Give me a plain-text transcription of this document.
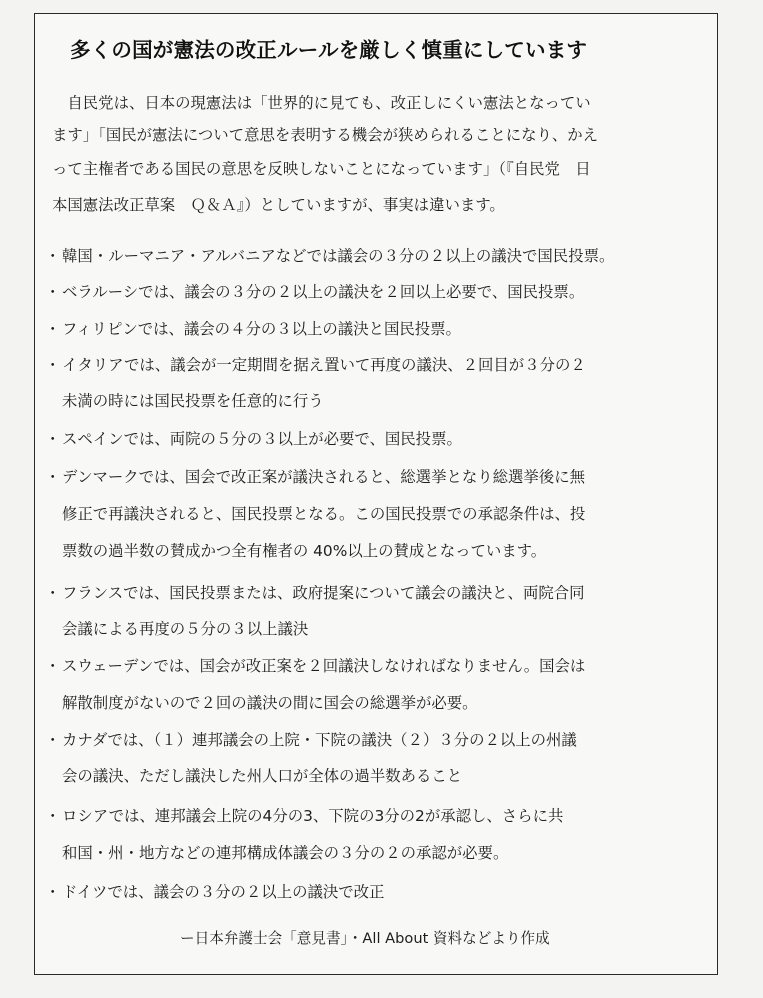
多くの国が憲法の改正ルールを厳しく慎重にしています
　自民党は、日本の現憲法は「世界的に見ても、改正しにくい憲法となってい
ます」「国民が憲法について意思を表明する機会が狭められることになり、かえ
って主権者である国民の意思を反映しないことになっています」（『自民党　日
本国憲法改正草案　Ｑ＆Ａ』）としていますが、事実は違います。
・ 韓国・ルーマニア・アルバニアなどでは議会の３分の２以上の議決で国民投票。
・ ベラルーシでは、議会の３分の２以上の議決を２回以上必要で、国民投票。
・ フィリピンでは、議会の４分の３以上の議決と国民投票。
・ イタリアでは、議会が一定期間を据え置いて再度の議決、２回目が３分の２
未満の時には国民投票を任意的に行う
・ スペインでは、両院の５分の３以上が必要で、国民投票。
・ デンマークでは、国会で改正案が議決されると、総選挙となり総選挙後に無
修正で再議決されると、国民投票となる。この国民投票での承認条件は、投
票数の過半数の賛成かつ全有権者の 40%以上の賛成となっています。
・ フランスでは、国民投票または、政府提案について議会の議決と、両院合同
会議による再度の５分の３以上議決
・ スウェーデンでは、国会が改正案を２回議決しなければなりません。国会は
解散制度がないので２回の議決の間に国会の総選挙が必要。
・ カナダでは、（１）連邦議会の上院・下院の議決（２）３分の２以上の州議
会の議決、ただし議決した州人口が全体の過半数あること
・ ロシアでは、連邦議会上院の4分の3、下院の3分の2が承認し、さらに共
和国・州・地方などの連邦構成体議会の３分の２の承認が必要。
・ ドイツでは、議会の３分の２以上の議決で改正
ー日本弁護士会「意見書」・All About 資料などより作成
